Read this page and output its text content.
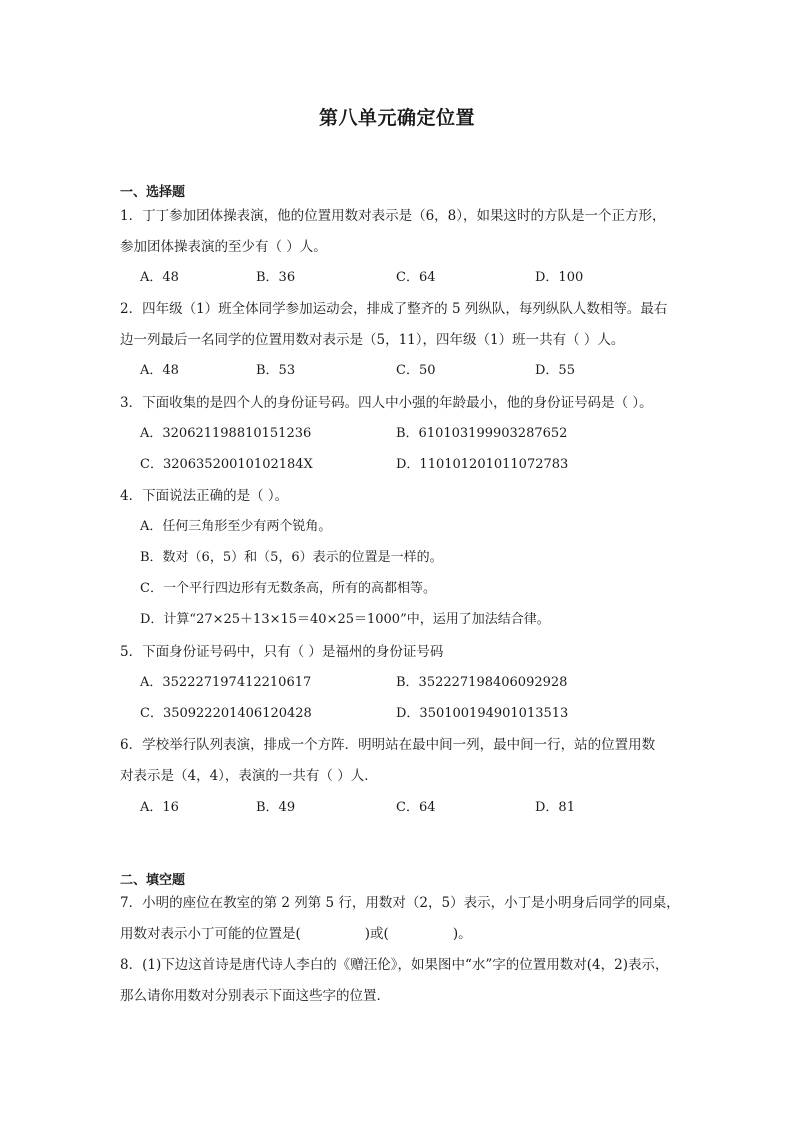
第八单元确定位置
一、选择题
1．丁丁参加团体操表演，他的位置用数对表示是（6，8），如果这时的方队是一个正方形，
参加团体操表演的至少有（ ）人。
A．48	B．36	C．64	D．100
2．四年级（1）班全体同学参加运动会，排成了整齐的 5 列纵队，每列纵队人数相等。最右
边一列最后一名同学的位置用数对表示是（5，11），四年级（1）班一共有（ ）人。
A．48	B．53	C．50	D．55
3．下面收集的是四个人的身份证号码。四人中小强的年龄最小，他的身份证号码是（ ）。
A．320621198810151236	B．610103199903287652
C．32063520010102184X	D．110101201011072783
4．下面说法正确的是（ ）。
A．任何三角形至少有两个锐角。
B．数对（6，5）和（5，6）表示的位置是一样的。
C．一个平行四边形有无数条高，所有的高都相等。
D．计算“27×25＋13×15＝40×25＝1000”中，运用了加法结合律。
5．下面身份证号码中，只有（ ）是福州的身份证号码
A．352227197412210617	B．352227198406092928
C．350922201406120428	D．350100194901013513
6．学校举行队列表演，排成一个方阵．明明站在最中间一列，最中间一行，站的位置用数
对表示是（4，4），表演的一共有（ ）人．
A．16	B．49	C．64	D．81
二、填空题
7．小明的座位在教室的第 2 列第 5 行，用数对（2，5）表示，小丁是小明身后同学的同桌，
用数对表示小丁可能的位置是(	)或(	)。
8．(1)下边这首诗是唐代诗人李白的《赠汪伦》，如果图中“水”字的位置用数对(4，2)表示，
那么请你用数对分别表示下面这些字的位置．
